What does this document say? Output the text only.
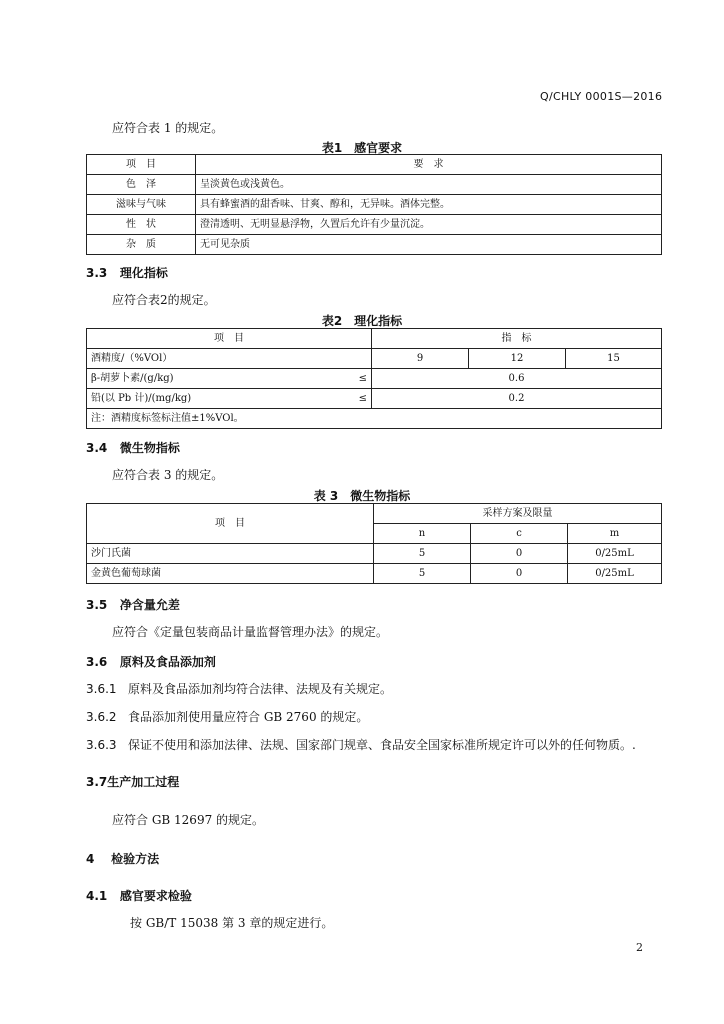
Q/CHLY 0001S—2016
应符合表 1 的规定。
表1　感官要求
项　目	要　求
色　泽	呈淡黄色或浅黄色。
滋味与气味	具有蜂蜜酒的甜香味、甘爽、醇和，无异味。酒体完整。
性　状	澄清透明、无明显悬浮物，久置后允许有少量沉淀。
杂　质	无可见杂质
3.3 理化指标
应符合表2的规定。
表2　理化指标
项　目	指　标		
酒精度/（%VOl）	9	12	15
β-胡萝卜素/(g/kg) ≤	0.6		
铅(以 Pb 计)/(mg/kg) ≤	0.2		
注：酒精度标签标注值±1%VOl。			
3.4 微生物指标
应符合表 3 的规定。
表 3　微生物指标
项　目	采样方案及限量		
	n	c	m
沙门氏菌	5	0	0/25mL
金黄色葡萄球菌	5	0	0/25mL
3.5 净含量允差
应符合《定量包装商品计量监督管理办法》的规定。
3.6 原料及食品添加剂
3.6.1 原料及食品添加剂均符合法律、法规及有关规定。
3.6.2 食品添加剂使用量应符合 GB 2760 的规定。
3.6.3 保证不使用和添加法律、法规、国家部门规章、食品安全国家标准所规定许可以外的任何物质。.
3.7生产加工过程
应符合 GB 12697 的规定。
4 检验方法
4.1 感官要求检验
按 GB/T 15038 第 3 章的规定进行。
2
